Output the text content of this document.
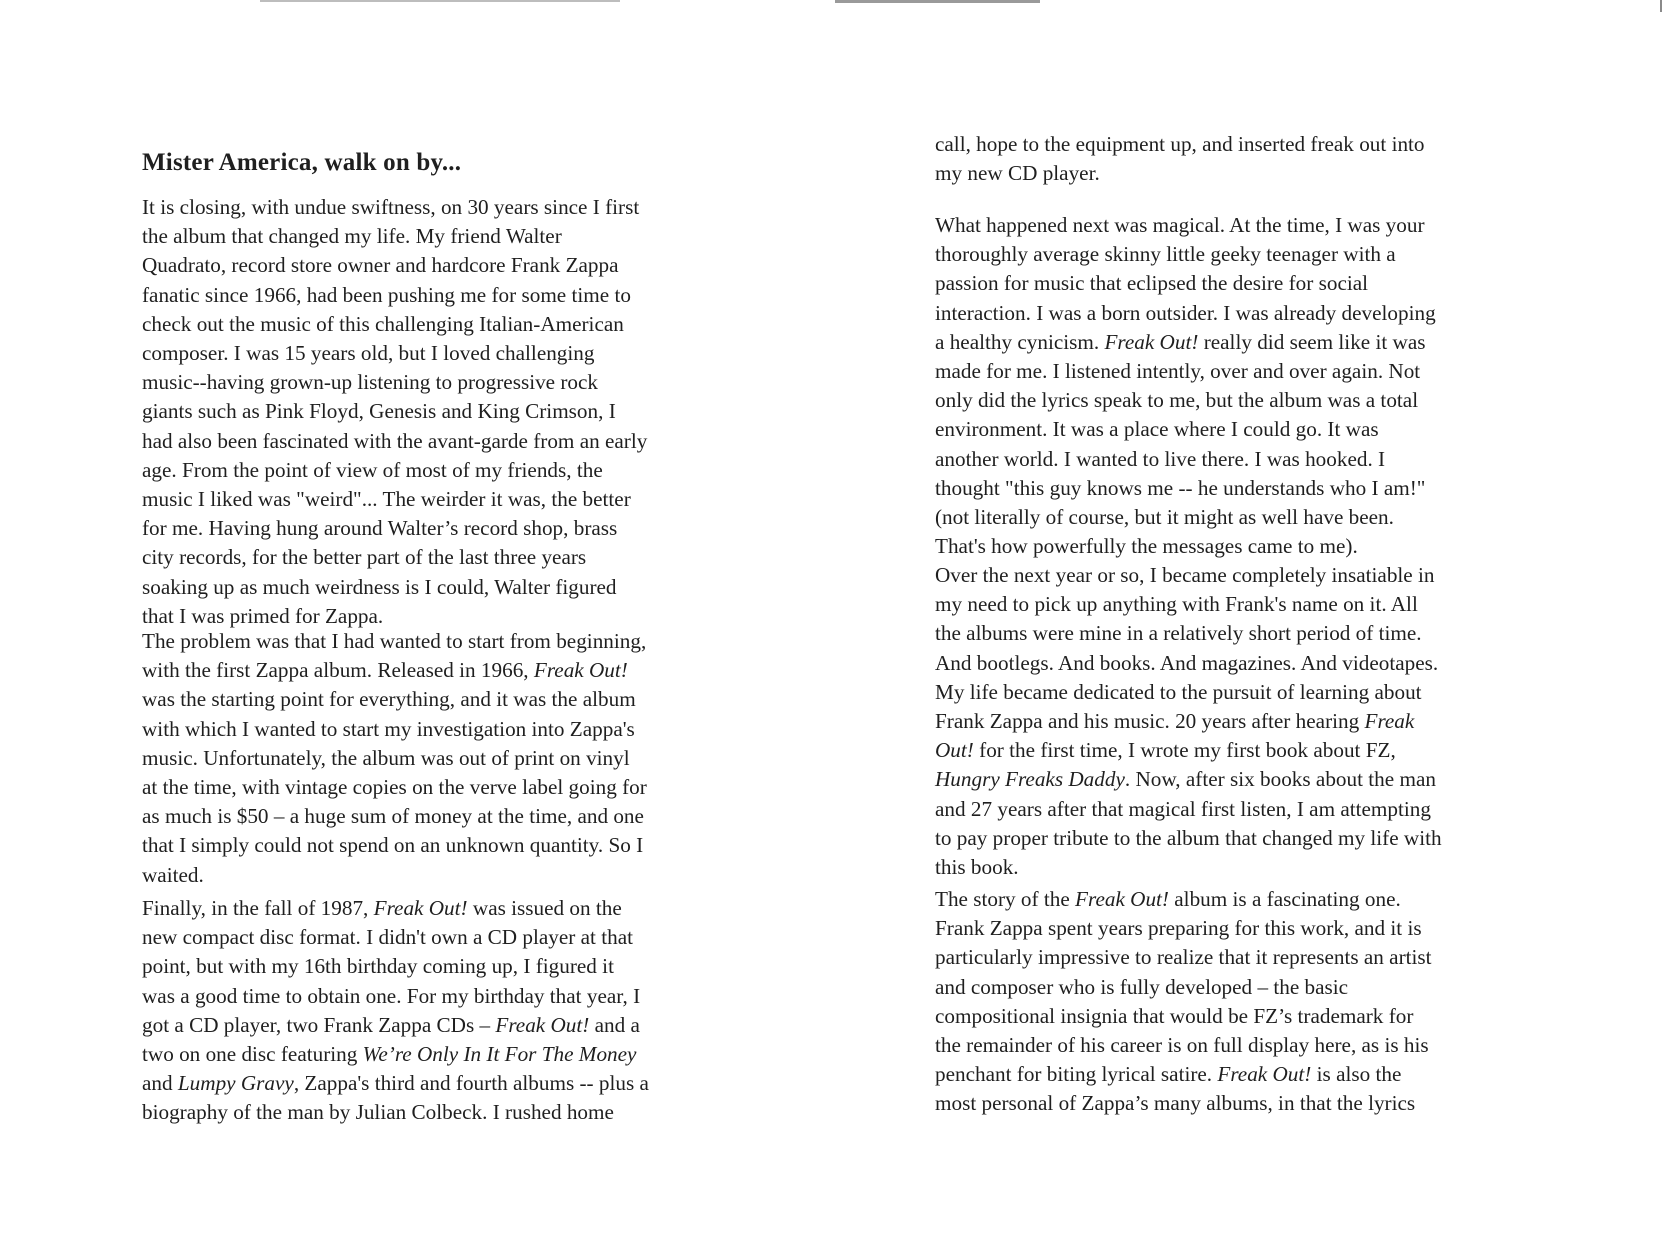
Mister America, walk on by...
It is closing, with undue swiftness, on 30 years since I first
the album that changed my life. My friend Walter
Quadrato, record store owner and hardcore Frank Zappa
fanatic since 1966, had been pushing me for some time to
check out the music of this challenging Italian-American
composer. I was 15 years old, but I loved challenging
music--having grown-up listening to progressive rock
giants such as Pink Floyd, Genesis and King Crimson, I
had also been fascinated with the avant-garde from an early
age. From the point of view of most of my friends, the
music I liked was "weird"... The weirder it was, the better
for me. Having hung around Walter’s record shop, brass
city records, for the better part of the last three years
soaking up as much weirdness is I could, Walter figured
that I was primed for Zappa.
The problem was that I had wanted to start from beginning,
with the first Zappa album. Released in 1966, Freak Out!
was the starting point for everything, and it was the album
with which I wanted to start my investigation into Zappa's
music. Unfortunately, the album was out of print on vinyl
at the time, with vintage copies on the verve label going for
as much is $50 – a huge sum of money at the time, and one
that I simply could not spend on an unknown quantity. So I
waited.
Finally, in the fall of 1987, Freak Out! was issued on the
new compact disc format. I didn't own a CD player at that
point, but with my 16th birthday coming up, I figured it
was a good time to obtain one. For my birthday that year, I
got a CD player, two Frank Zappa CDs – Freak Out! and a
two on one disc featuring We’re Only In It For The Money
and Lumpy Gravy, Zappa's third and fourth albums -- plus a
biography of the man by Julian Colbeck. I rushed home
call, hope to the equipment up, and inserted freak out into
my new CD player.
What happened next was magical. At the time, I was your
thoroughly average skinny little geeky teenager with a
passion for music that eclipsed the desire for social
interaction. I was a born outsider. I was already developing
a healthy cynicism. Freak Out! really did seem like it was
made for me. I listened intently, over and over again. Not
only did the lyrics speak to me, but the album was a total
environment. It was a place where I could go. It was
another world. I wanted to live there. I was hooked. I
thought "this guy knows me -- he understands who I am!"
(not literally of course, but it might as well have been.
That's how powerfully the messages came to me).
Over the next year or so, I became completely insatiable in
my need to pick up anything with Frank's name on it. All
the albums were mine in a relatively short period of time.
And bootlegs. And books. And magazines. And videotapes.
My life became dedicated to the pursuit of learning about
Frank Zappa and his music. 20 years after hearing Freak
Out! for the first time, I wrote my first book about FZ,
Hungry Freaks Daddy. Now, after six books about the man
and 27 years after that magical first listen, I am attempting
to pay proper tribute to the album that changed my life with
this book.
The story of the Freak Out! album is a fascinating one.
Frank Zappa spent years preparing for this work, and it is
particularly impressive to realize that it represents an artist
and composer who is fully developed – the basic
compositional insignia that would be FZ’s trademark for
the remainder of his career is on full display here, as is his
penchant for biting lyrical satire. Freak Out! is also the
most personal of Zappa’s many albums, in that the lyrics
